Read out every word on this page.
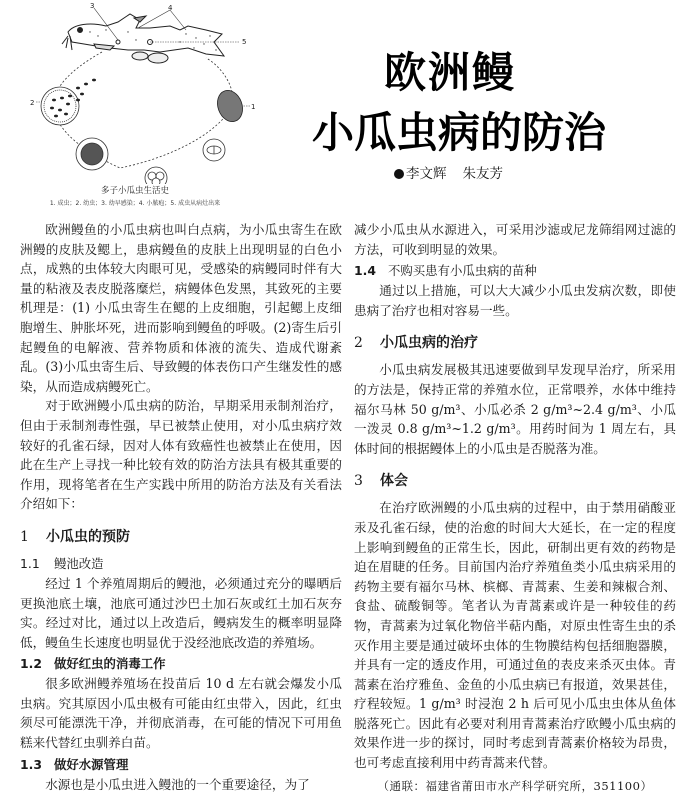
3	4
5
2	1
多子小瓜虫生活史
1. 成虫；2. 幼虫；3. 幼早感染；4. 小脓疱；5. 成虫从病灶出来
欧洲鳗
小瓜虫病的防治
李文辉 朱友芳

欧洲鳗鱼的小瓜虫病也叫白点病，为小瓜虫寄生在欧洲鳗的皮肤及鳃上，患病鳗鱼的皮肤上出现明显的白色小点，成熟的虫体较大肉眼可见，受感染的病鳗同时伴有大量的粘液及表皮脱落糜烂，病鳗体色发黑，其致死的主要机理是：(1) 小瓜虫寄生在鳃的上皮细胞，引起鳃上皮细胞增生、肿胀坏死，进而影响到鳗鱼的呼吸。(2)寄生后引起鳗鱼的电解液、营养物质和体液的流失、造成代谢紊乱。(3)小瓜虫寄生后、导致鳗的体表伤口产生继发性的感染，从而造成病鳗死亡。

对于欧洲鳗小瓜虫病的防治，早期采用汞制剂治疗，但由于汞制剂毒性强，早已被禁止使用，对小瓜虫病疗效较好的孔雀石绿，因对人体有致癌性也被禁止在使用，因此在生产上寻找一种比较有效的防治方法具有极其重要的作用，现将笔者在生产实践中所用的防治方法及有关看法介绍如下：

1 小瓜虫的预防
1.1 鳗池改造

经过 1 个养殖周期后的鳗池，必须通过充分的曝晒后更换池底土壤，池底可通过沙巴土加石灰或红土加石灰夯实。经过对比，通过以上改造后，鳗病发生的概率明显降低，鳗鱼生长速度也明显优于没经池底改造的养殖场。

1.2 做好红虫的消毒工作

很多欧洲鳗养殖场在投苗后 10 d 左右就会爆发小瓜虫病。究其原因小瓜虫极有可能由红虫带入，因此，红虫须尽可能漂洗干净，并彻底消毒，在可能的情况下可用鱼糕来代替红虫驯养白苗。

1.3 做好水源管理

水源也是小瓜虫进入鳗池的一个重要途径，为了

减少小瓜虫从水源进入，可采用沙滤或尼龙筛绢网过滤的方法，可收到明显的效果。

1.4 不购买患有小瓜虫病的苗种

通过以上措施，可以大大减少小瓜虫发病次数，即使患病了治疗也相对容易一些。

2 小瓜虫病的治疗

小瓜虫病发展极其迅速要做到早发现早治疗，所采用的方法是，保持正常的养殖水位，正常喂养，水体中维持福尔马林 50 g/m³、小瓜必杀 2 g/m³~2.4 g/m³、小瓜一泼灵 0.8 g/m³~1.2 g/m³。用药时间为 1 周左右，具体时间的根据鳗体上的小瓜虫是否脱落为准。

3 体会

在治疗欧洲鳗的小瓜虫病的过程中，由于禁用硝酸亚汞及孔雀石绿，使的治愈的时间大大延长，在一定的程度上影响到鳗鱼的正常生长，因此，研制出更有效的药物是迫在眉睫的任务。目前国内治疗养殖鱼类小瓜虫病采用的药物主要有福尔马林、槟榔、青蒿素、生姜和辣椒合剂、食盐、硫酸铜等。笔者认为青蒿素或许是一种较佳的药物，青蒿素为过氧化物倍半萜内酯，对原虫性寄生虫的杀灭作用主要是通过破坏虫体的生物膜结构包括细胞器膜，并具有一定的透皮作用，可通过鱼的表皮来杀灭虫体。青蒿素在治疗雅鱼、金鱼的小瓜虫病已有报道，效果甚佳，疗程较短。1 g/m³ 时浸泡 2 h 后可见小瓜虫虫体从鱼体脱落死亡。因此有必要对利用青蒿素治疗欧鳗小瓜虫病的效果作进一步的探讨，同时考虑到青蒿素价格较为昂贵，也可考虑直接利用中药青蒿来代替。

（通联：福建省莆田市水产科学研究所，351100）
